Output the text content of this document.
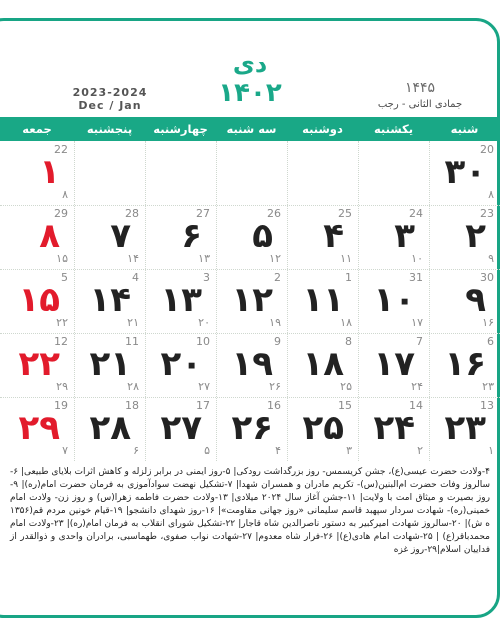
دی
۱۴۴۵
جمادی الثانی - رجب
۱۴۰۲
2023-2024
Dec / Jan
شنبه
یکشنبه
دوشنبه
سه شنبه
چهارشنبه
پنجشنبه
جمعه
20
۳۰
۸
22
۱
۸
23
۲
۹
24
۳
۱۰
25
۴
۱۱
26
۵
۱۲
27
۶
۱۳
28
۷
۱۴
29
۸
۱۵
30
۹
۱۶
31
۱۰
۱۷
1
۱۱
۱۸
2
۱۲
۱۹
3
۱۳
۲۰
4
۱۴
۲۱
5
۱۵
۲۲
6
۱۶
۲۳
7
۱۷
۲۴
8
۱۸
۲۵
9
۱۹
۲۶
10
۲۰
۲۷
11
۲۱
۲۸
12
۲۲
۲۹
13
۲۳
۱
14
۲۴
۲
15
۲۵
۳
16
۲۶
۴
17
۲۷
۵
18
۲۸
۶
19
۲۹
۷
۴-ولادت حضرت عیسی(ع)، جشن کریسمس- روز بزرگداشت رودکی| ۵-روز ایمنی در برابر زلزله و کاهش اثرات بلایای طبیعی| ۶-سالروز وفات حضرت ام‌البنین(س)- تکریم مادران و همسران شهدا| ۷-تشکیل نهضت سوادآموزی به فرمان حضرت امام(ره)| ۹-روز بصیرت و میثاق امت با ولایت| ۱۱-جشن آغاز سال ۲۰۲۴ میلادی| ۱۳-ولادت حضرت فاطمه زهرا(س) و روز زن- ولادت امام خمینی(ره)- شهادت سردار سپهبد قاسم سلیمانی «روز جهانی مقاومت»| ۱۶-روز شهدای دانشجو| ۱۹-قیام خونین مردم قم(۱۳۵۶ ه ش)| ۲۰-سالروز شهادت امیرکبیر به دستور ناصرالدین شاه قاجار| ۲۲-تشکیل شورای انقلاب به فرمان امام(ره)| ۲۳-ولادت امام محمدباقر(ع) | ۲۵-شهادت امام هادی(ع)| ۲۶-فرار شاه معدوم| ۲۷-شهادت نواب صفوی، طهماسبی، برادران واحدی و ذوالقدر از فداییان اسلام|۲۹-روز غزه
